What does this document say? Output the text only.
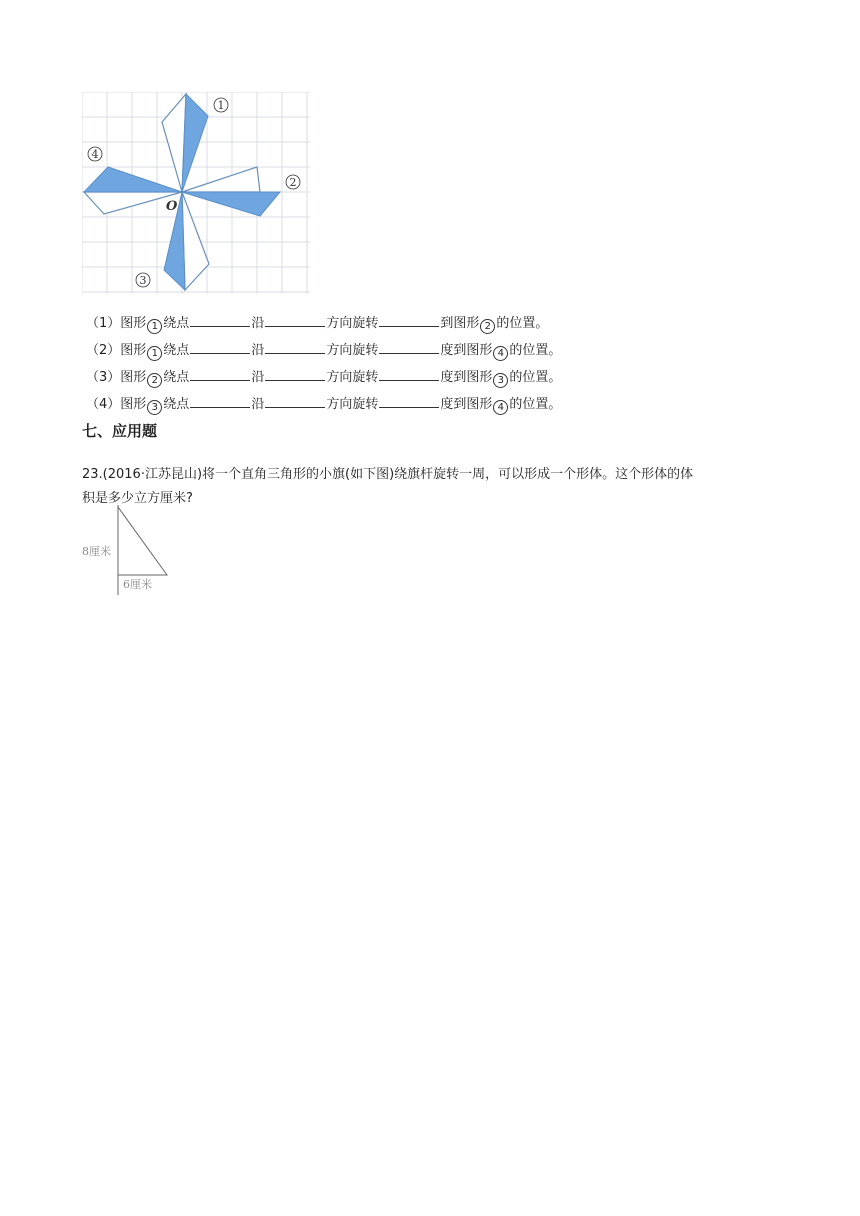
1
2
3
4
O
（1）图形 1 绕点	沿	方向旋转	到图形 2 的位置。
（2）图形 1 绕点	沿	方向旋转	度到图形 4 的位置。
（3）图形 2 绕点	沿	方向旋转	度到图形 3 的位置。
（4）图形 3 绕点	沿	方向旋转	度到图形 4 的位置。
七、应用题
23.(2016·江苏昆山)将一个直角三角形的小旗(如下图)绕旗杆旋转一周，可以形成一个形体。这个形体的体
积是多少立方厘米?
8厘米
6厘米
